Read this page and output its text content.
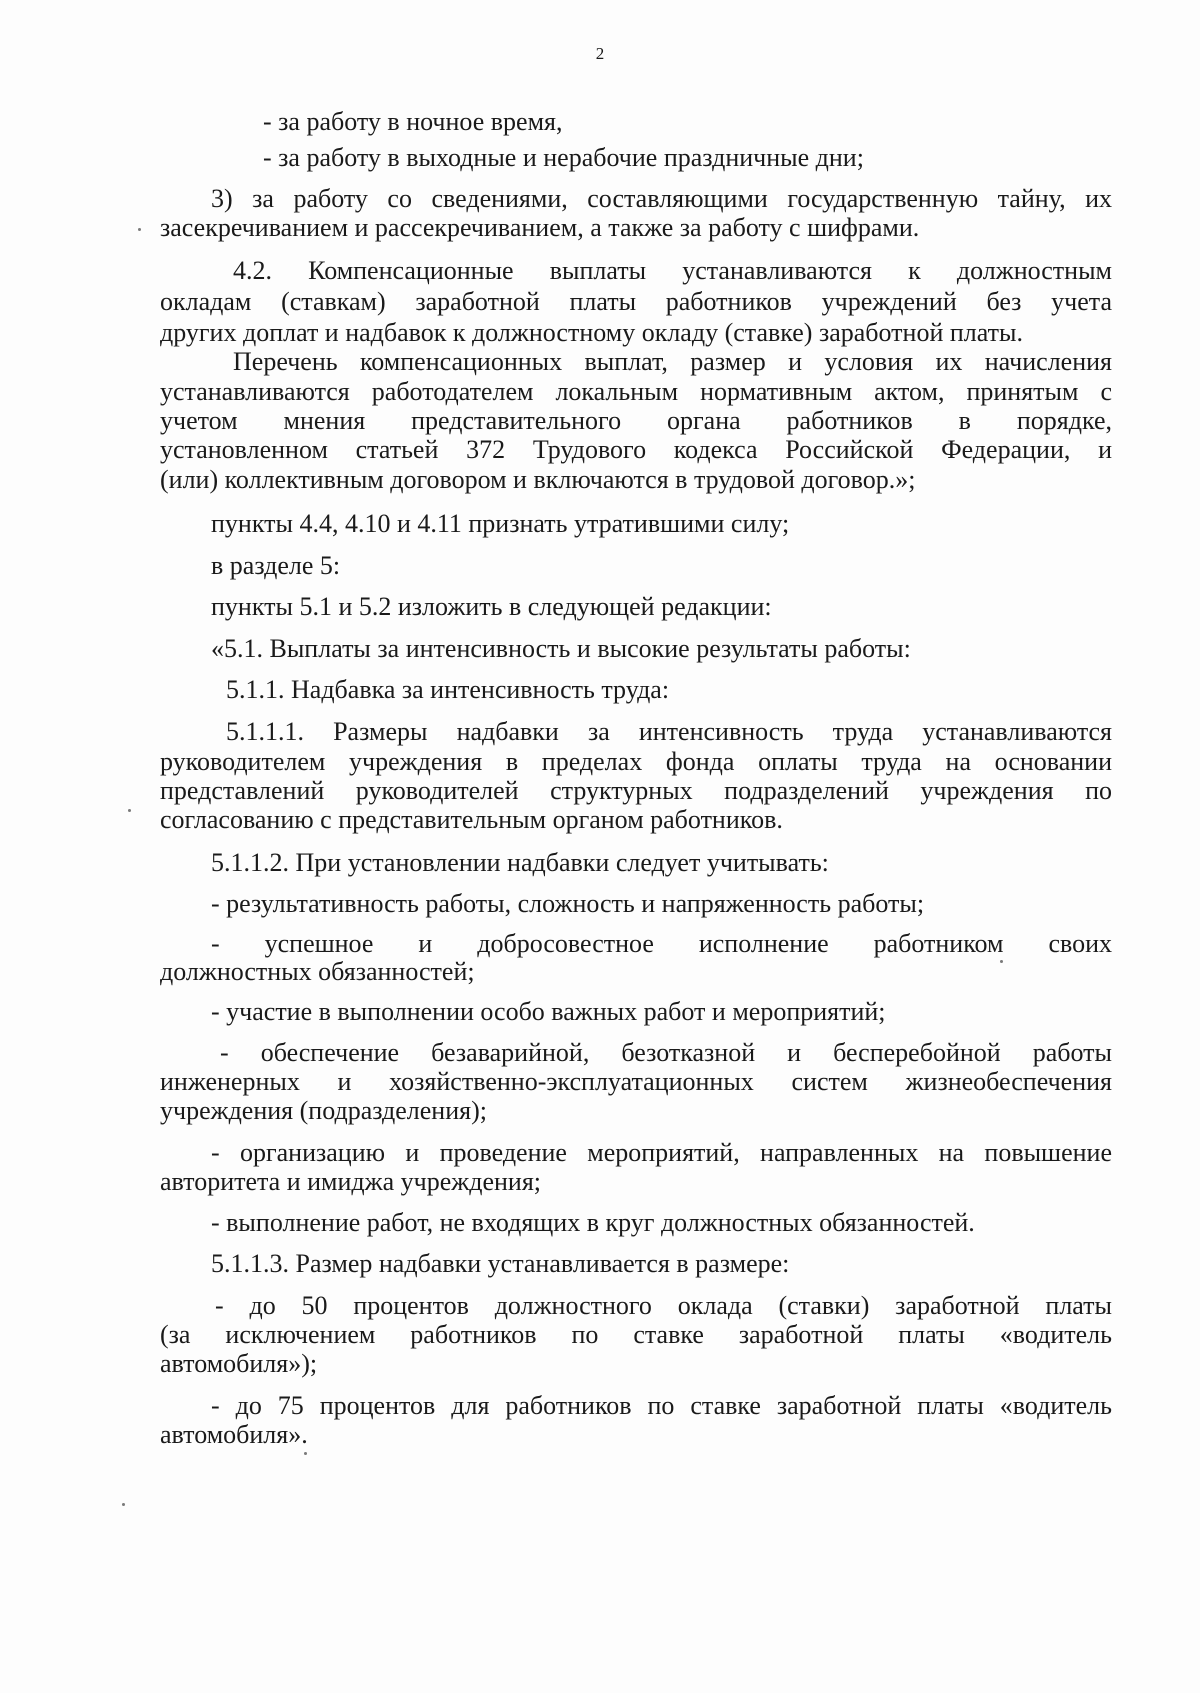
2
- за работу в ночное время,
- за работу в выходные и нерабочие праздничные дни;
3) за работу со сведениями, составляющими государственную тайну, их
засекречиванием и рассекречиванием, а также за работу с шифрами.
4.2. Компенсационные выплаты устанавливаются к должностным
окладам (ставкам) заработной платы работников учреждений без учета
других доплат и надбавок к должностному окладу (ставке) заработной платы.
Перечень компенсационных выплат, размер и условия их начисления
устанавливаются работодателем локальным нормативным актом, принятым с
учетом мнения представительного органа работников в порядке,
установленном статьей 372 Трудового кодекса Российской Федерации, и
(или) коллективным договором и включаются в трудовой договор.»;
пункты 4.4, 4.10 и 4.11 признать утратившими силу;
в разделе 5:
пункты 5.1 и 5.2 изложить в следующей редакции:
«5.1. Выплаты за интенсивность и высокие результаты работы:
5.1.1. Надбавка за интенсивность труда:
5.1.1.1. Размеры надбавки за интенсивность труда устанавливаются
руководителем учреждения в пределах фонда оплаты труда на основании
представлений руководителей структурных подразделений учреждения по
согласованию с представительным органом работников.
5.1.1.2. При установлении надбавки следует учитывать:
- результативность работы, сложность и напряженность работы;
- успешное и добросовестное исполнение работником своих
должностных обязанностей;
- участие в выполнении особо важных работ и мероприятий;
- обеспечение безаварийной, безотказной и бесперебойной работы
инженерных и хозяйственно-эксплуатационных систем жизнеобеспечения
учреждения (подразделения);
- организацию и проведение мероприятий, направленных на повышение
авторитета и имиджа учреждения;
- выполнение работ, не входящих в круг должностных обязанностей.
5.1.1.3. Размер надбавки устанавливается в размере:
- до 50 процентов должностного оклада (ставки) заработной платы
(за исключением работников по ставке заработной платы «водитель
автомобиля»);
- до 75 процентов для работников по ставке заработной платы «водитель
автомобиля».
